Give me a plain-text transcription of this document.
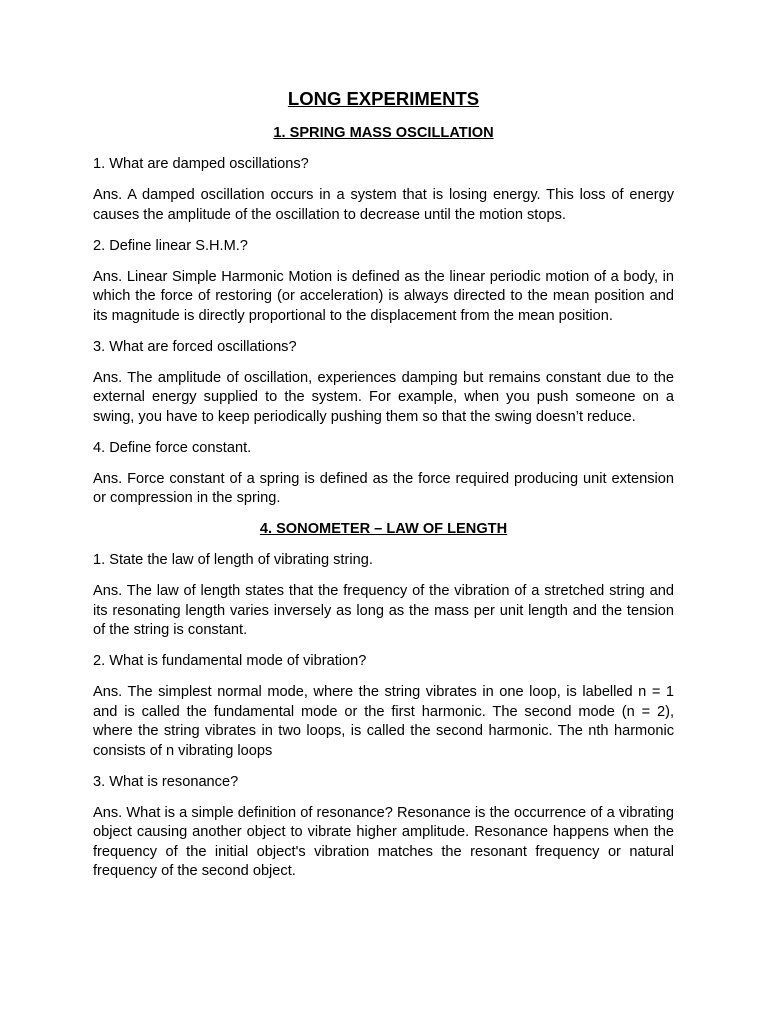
LONG EXPERIMENTS
1. SPRING MASS OSCILLATION

1. What are damped oscillations?

Ans. A damped oscillation occurs in a system that is losing energy. This loss of energy causes the amplitude of the oscillation to decrease until the motion stops.

2. Define linear S.H.M.?

Ans. Linear Simple Harmonic Motion is defined as the linear periodic motion of a body, in which the force of restoring (or acceleration) is always directed to the mean position and its magnitude is directly proportional to the displacement from the mean position.

3. What are forced oscillations?

Ans. The amplitude of oscillation, experiences damping but remains constant due to the external energy supplied to the system. For example, when you push someone on a swing, you have to keep periodically pushing them so that the swing doesn’t reduce.

4. Define force constant.

Ans. Force constant of a spring is defined as the force required producing unit extension or compression in the spring.

4. SONOMETER – LAW OF LENGTH

1. State the law of length of vibrating string.

Ans. The law of length states that the frequency of the vibration of a stretched string and its resonating length varies inversely as long as the mass per unit length and the tension of the string is constant.

2. What is fundamental mode of vibration?

Ans. The simplest normal mode, where the string vibrates in one loop, is labelled n = 1 and is called the fundamental mode or the first harmonic. The second mode (n = 2), where the string vibrates in two loops, is called the second harmonic. The nth harmonic consists of n vibrating loops

3. What is resonance?

Ans. What is a simple definition of resonance? Resonance is the occurrence of a vibrating object causing another object to vibrate higher amplitude. Resonance happens when the frequency of the initial object's vibration matches the resonant frequency or natural frequency of the second object.
